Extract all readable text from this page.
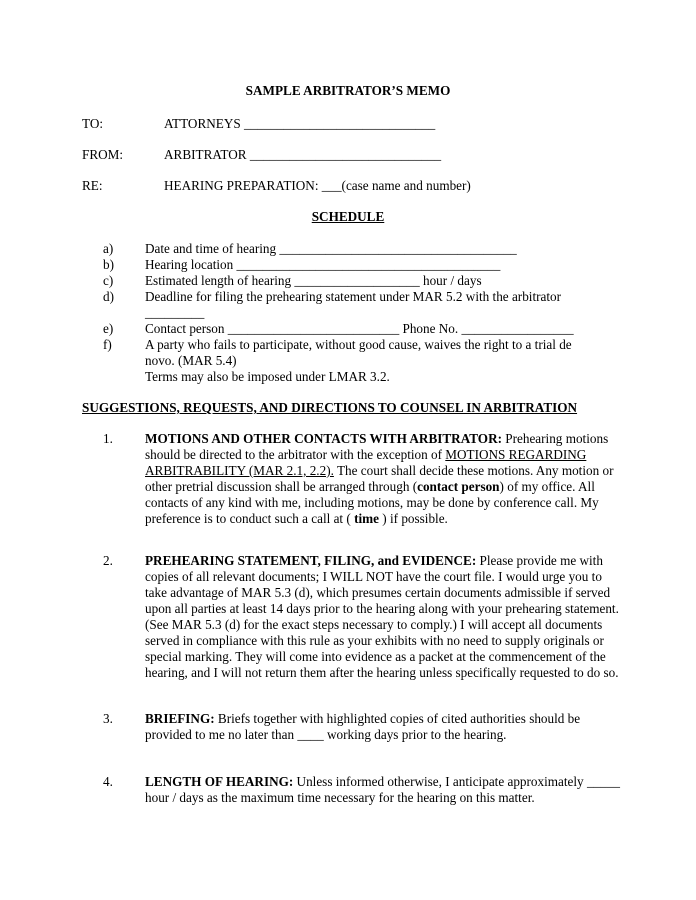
SAMPLE ARBITRATOR’S MEMO
TO:	ATTORNEYS _____________________________
FROM:	ARBITRATOR _____________________________
RE:	HEARING PREPARATION: ___(case name and number)
SCHEDULE
a) Date and time of hearing ____________________________________
b) Hearing location ________________________________________
c) Estimated length of hearing ___________________ hour / days
d) Deadline for filing the prehearing statement under MAR 5.2 with the arbitrator
_________
e) Contact person __________________________ Phone No. _________________
f)	A party who fails to participate, without good cause, waives the right to a trial de
novo. (MAR 5.4)
Terms may also be imposed under LMAR 3.2.
SUGGESTIONS, REQUESTS, AND DIRECTIONS TO COUNSEL IN ARBITRATION
1. MOTIONS AND OTHER CONTACTS WITH ARBITRATOR: Prehearing motions should be directed to the arbitrator with the exception of MOTIONS REGARDING ARBITRABILITY (MAR 2.1, 2.2). The court shall decide these motions. Any motion or other pretrial discussion shall be arranged through (contact person) of my office. All contacts of any kind with me, including motions, may be done by conference call. My preference is to conduct such a call at ( time ) if possible.

2. PREHEARING STATEMENT, FILING, and EVIDENCE: Please provide me with copies of all relevant documents; I WILL NOT have the court file. I would urge you to take advantage of MAR 5.3 (d), which presumes certain documents admissible if served upon all parties at least 14 days prior to the hearing along with your prehearing statement. (See MAR 5.3 (d) for the exact steps necessary to comply.) I will accept all documents served in compliance with this rule as your exhibits with no need to supply originals or special marking. They will come into evidence as a packet at the commencement of the hearing, and I will not return them after the hearing unless specifically requested to do so.

3. BRIEFING: Briefs together with highlighted copies of cited authorities should be provided to me no later than ____ working days prior to the hearing.

4. LENGTH OF HEARING: Unless informed otherwise, I anticipate approximately _____ hour / days as the maximum time necessary for the hearing on this matter.
